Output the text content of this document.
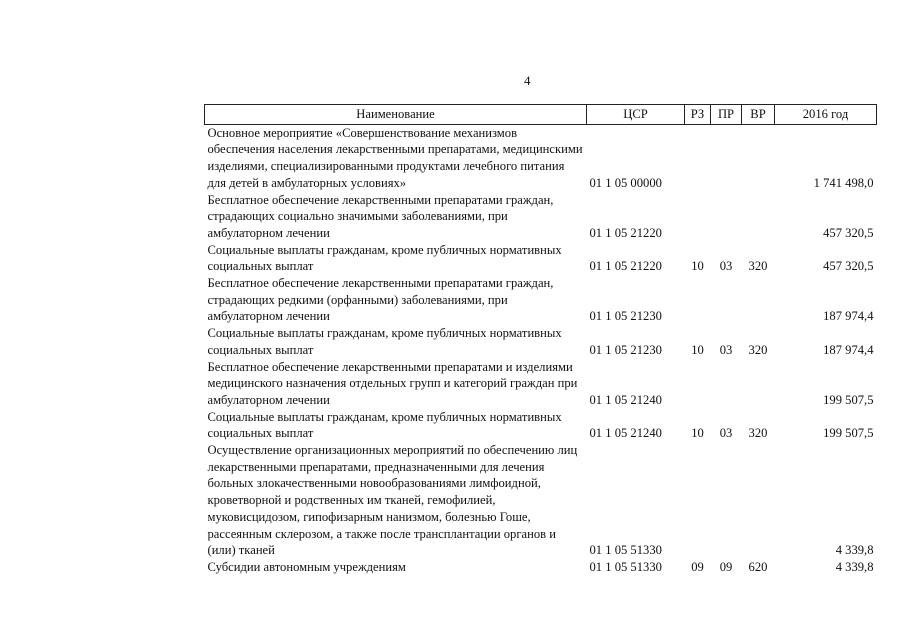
4
Наименование	ЦСР	РЗ	ПР	ВР	2016 год
Основное мероприятие «Совершенствование механизмов обеспечения населения лекарственными препаратами, медицинскими изделиями, специализированными продуктами лечебного питания для детей в амбулаторных условиях»	01 1 05 00000				1 741 498,0
Бесплатное обеспечение лекарственными препаратами граждан, страдающих социально значимыми заболеваниями, при амбулаторном лечении	01 1 05 21220				457 320,5
Социальные выплаты гражданам, кроме публичных нормативных социальных выплат	01 1 05 21220	10	03	320	457 320,5
Бесплатное обеспечение лекарственными препаратами граждан, страдающих редкими (орфанными) заболеваниями, при амбулаторном лечении	01 1 05 21230				187 974,4
Социальные выплаты гражданам, кроме публичных нормативных социальных выплат	01 1 05 21230	10	03	320	187 974,4
Бесплатное обеспечение лекарственными препаратами и изделиями медицинского назначения отдельных групп и категорий граждан при амбулаторном лечении	01 1 05 21240				199 507,5
Социальные выплаты гражданам, кроме публичных нормативных социальных выплат	01 1 05 21240	10	03	320	199 507,5
Осуществление организационных мероприятий по обеспечению лиц лекарственными препаратами, предназначенными для лечения больных злокачественными новообразованиями лимфоидной, кроветворной и родственных им тканей, гемофилией, муковисцидозом, гипофизарным нанизмом, болезнью Гоше, рассеянным склерозом, а также после трансплантации органов и (или) тканей	01 1 05 51330				4 339,8
Субсидии автономным учреждениям	01 1 05 51330	09	09	620	4 339,8
